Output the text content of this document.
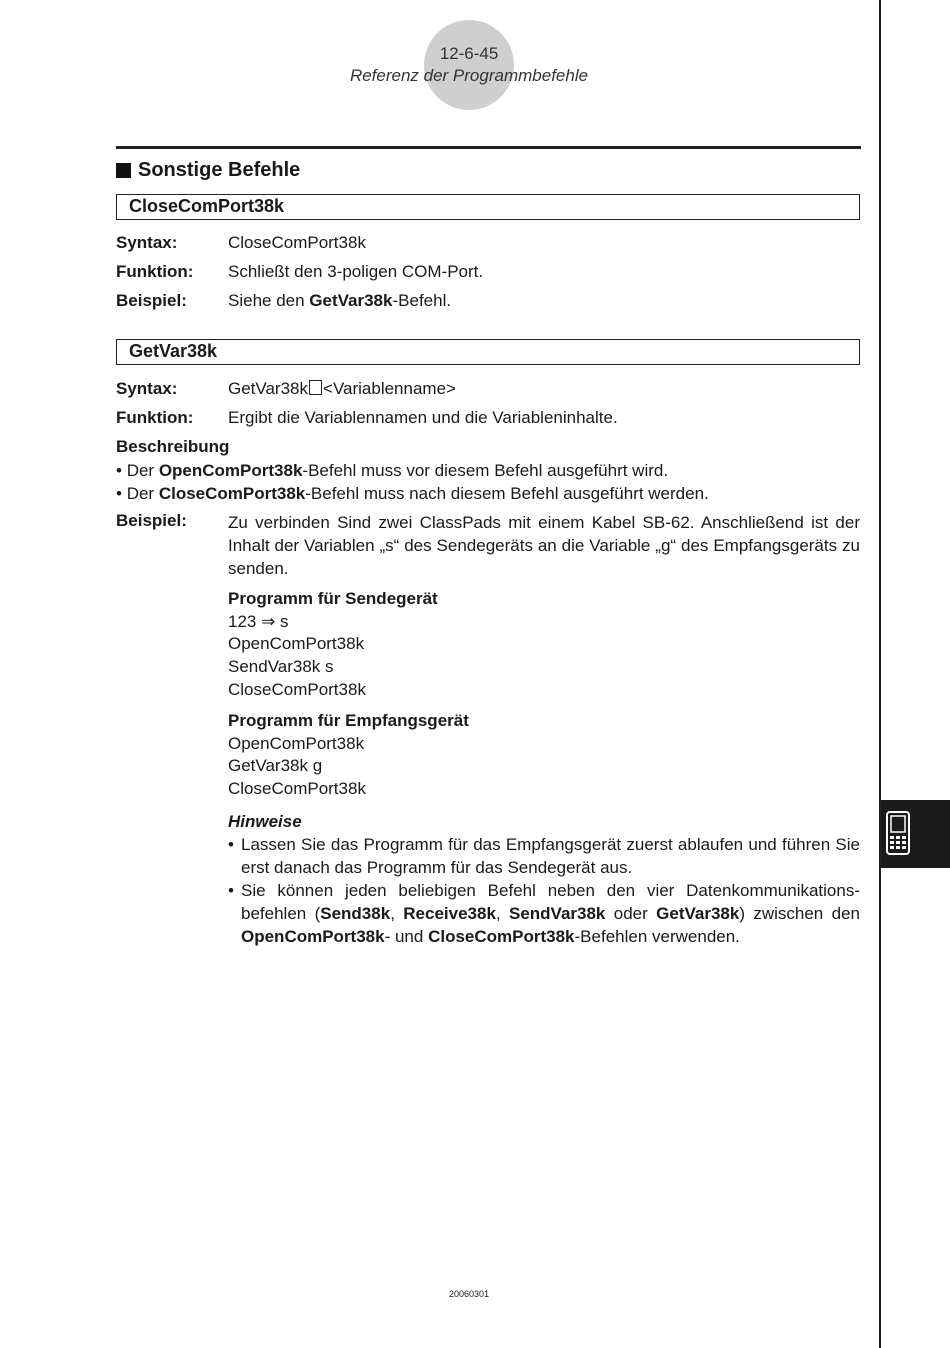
12-6-45
Referenz der Programmbefehle
Sonstige Befehle
CloseComPort38k
Syntax:	CloseComPort38k
Funktion: Schließt den 3-poligen COM-Port.
Beispiel: Siehe den GetVar38k-Befehl.
GetVar38k
Syntax:	GetVar38k <Variablenname>
Funktion: Ergibt die Variablennamen und die Variableninhalte.
Beschreibung
• Der OpenComPort38k-Befehl muss vor diesem Befehl ausgeführt wird.
• Der CloseComPort38k-Befehl muss nach diesem Befehl ausgeführt werden.
Beispiel: Zu verbinden Sind zwei ClassPads mit einem Kabel SB-62. Anschließend ist der Inhalt der Variablen „s“ des Sendegeräts an die Variable „g“ des Empfangsgeräts zu senden.
Programm für Sendegerät
123 ⇒ s
OpenComPort38k
SendVar38k s
CloseComPort38k
Programm für Empfangsgerät
OpenComPort38k
GetVar38k g
CloseComPort38k
Hinweise
• Lassen Sie das Programm für das Empfangsgerät zuerst ablaufen und führen Sie erst danach das Programm für das Sendegerät aus.
• Sie können jeden beliebigen Befehl neben den vier Datenkommunikations-befehlen (Send38k, Receive38k, SendVar38k oder GetVar38k) zwischen den OpenComPort38k- und CloseComPort38k-Befehlen verwenden.
20060301
